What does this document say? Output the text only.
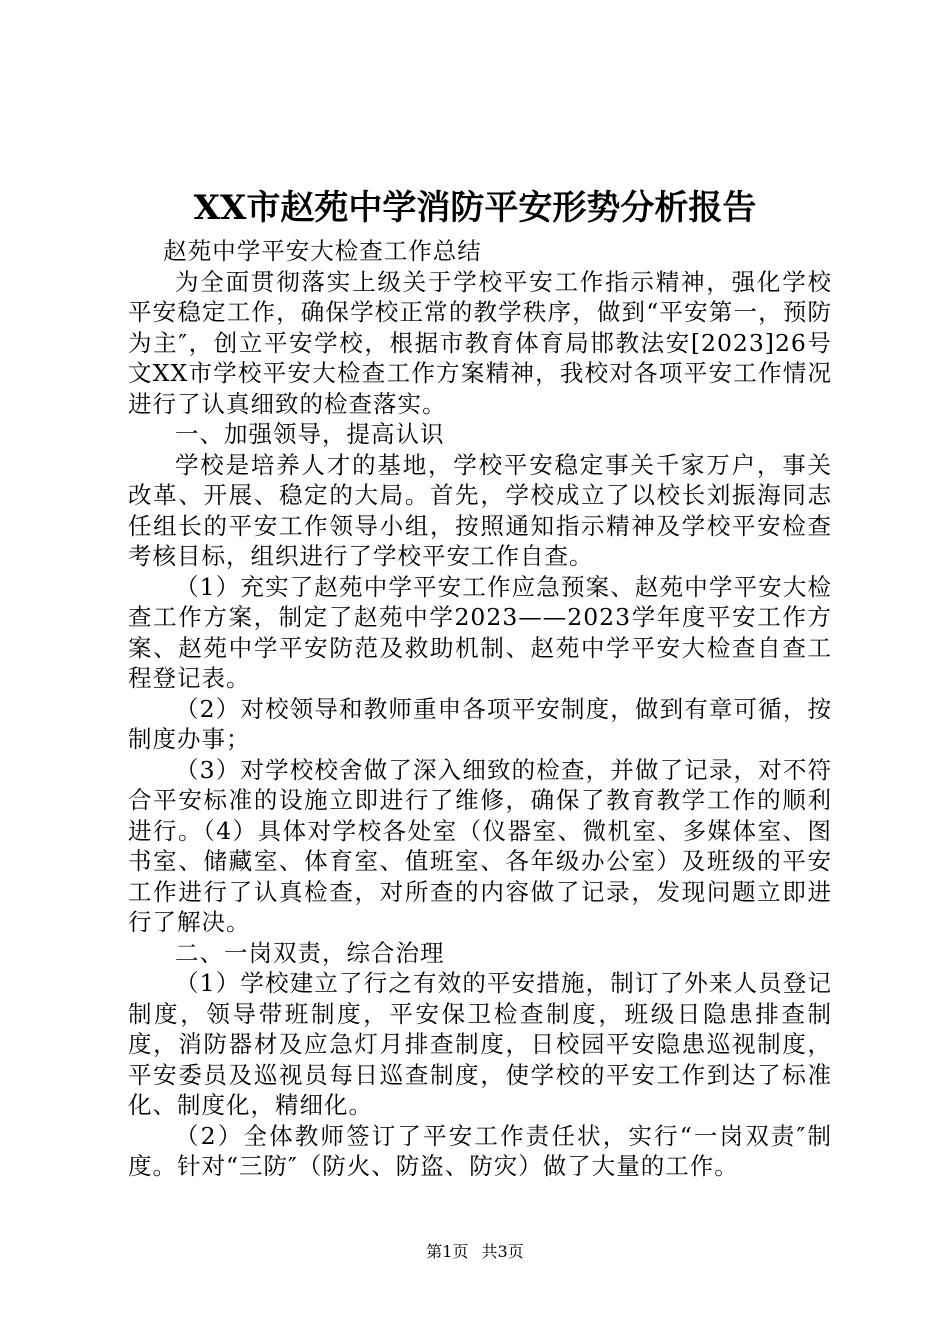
XX市赵苑中学消防平安形势分析报告

赵苑中学平安大检查工作总结

为全面贯彻落实上级关于学校平安工作指示精神，强化学校平安稳定工作，确保学校正常的教学秩序，做到“平安第一，预防为主″，创立平安学校，根据市教育体育局邯教法安[2023]26号文XX市学校平安大检查工作方案精神，我校对各项平安工作情况进行了认真细致的检查落实。

一、加强领导，提高认识

学校是培养人才的基地，学校平安稳定事关千家万户，事关改革、开展、稳定的大局。首先，学校成立了以校长刘振海同志任组长的平安工作领导小组，按照通知指示精神及学校平安检查考核目标，组织进行了学校平安工作自查。

（1）充实了赵苑中学平安工作应急预案、赵苑中学平安大检查工作方案，制定了赵苑中学2023——2023学年度平安工作方案、赵苑中学平安防范及救助机制、赵苑中学平安大检查自查工程登记表。

（2）对校领导和教师重申各项平安制度，做到有章可循，按制度办事；

（3）对学校校舍做了深入细致的检查，并做了记录，对不符合平安标准的设施立即进行了维修，确保了教育教学工作的顺利进行。（4）具体对学校各处室（仪器室、微机室、多媒体室、图书室、储藏室、体育室、值班室、各年级办公室）及班级的平安工作进行了认真检查，对所查的内容做了记录，发现问题立即进行了解决。

二、一岗双责，综合治理

（1）学校建立了行之有效的平安措施，制订了外来人员登记制度，领导带班制度，平安保卫检查制度，班级日隐患排查制度，消防器材及应急灯月排查制度，日校园平安隐患巡视制度，平安委员及巡视员每日巡查制度，使学校的平安工作到达了标准化、制度化，精细化。

（2）全体教师签订了平安工作责任状，实行“一岗双责″制度。针对“三防″（防火、防盗、防灾）做了大量的工作。

第1页 共3页
